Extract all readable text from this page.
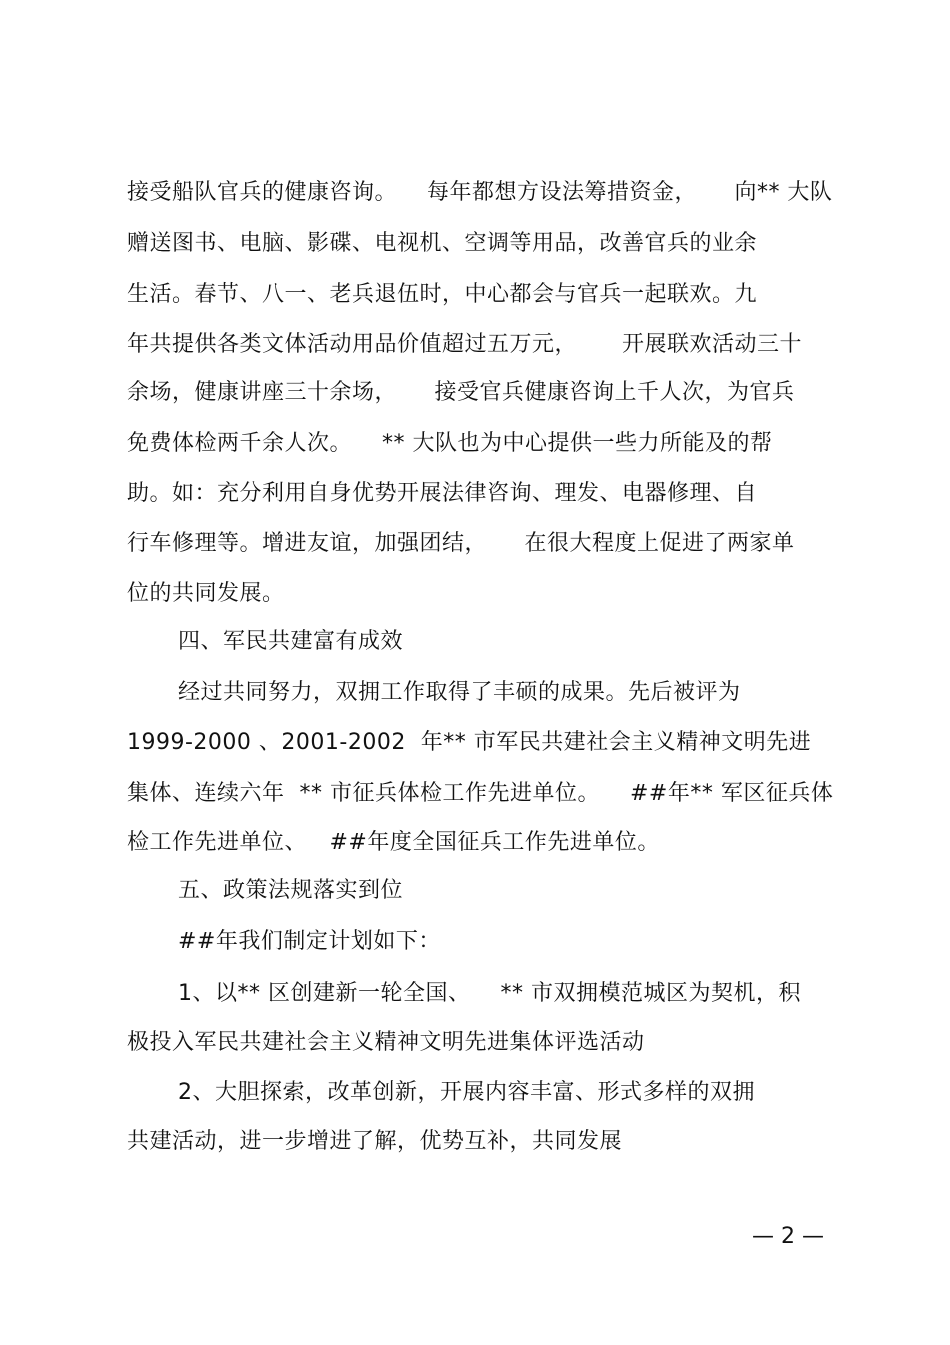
接受船队官兵的健康咨询。    每年都想方设法筹措资金，     向** 大队
赠送图书、电脑、影碟、电视机、空调等用品，改善官兵的业余
生活。春节、八一、老兵退伍时，中心都会与官兵一起联欢。九
年共提供各类文体活动用品价值超过五万元，      开展联欢活动三十
余场，健康讲座三十余场，     接受官兵健康咨询上千人次，为官兵
免费体检两千余人次。    ** 大队也为中心提供一些力所能及的帮
助。如：充分利用自身优势开展法律咨询、理发、电器修理、自
行车修理等。增进友谊，加强团结，     在很大程度上促进了两家单
位的共同发展。
四、军民共建富有成效
经过共同努力，双拥工作取得了丰硕的成果。先后被评为
1999-2000 、2001-2002  年** 市军民共建社会主义精神文明先进
集体、连续六年  ** 市征兵体检工作先进单位。    ##年** 军区征兵体
检工作先进单位、   ##年度全国征兵工作先进单位。
五、政策法规落实到位
##年我们制定计划如下：
1、以** 区创建新一轮全国、    ** 市双拥模范城区为契机，积
极投入军民共建社会主义精神文明先进集体评选活动
2、大胆探索，改革创新，开展内容丰富、形式多样的双拥
共建活动，进一步增进了解，优势互补，共同发展
— 2 —
